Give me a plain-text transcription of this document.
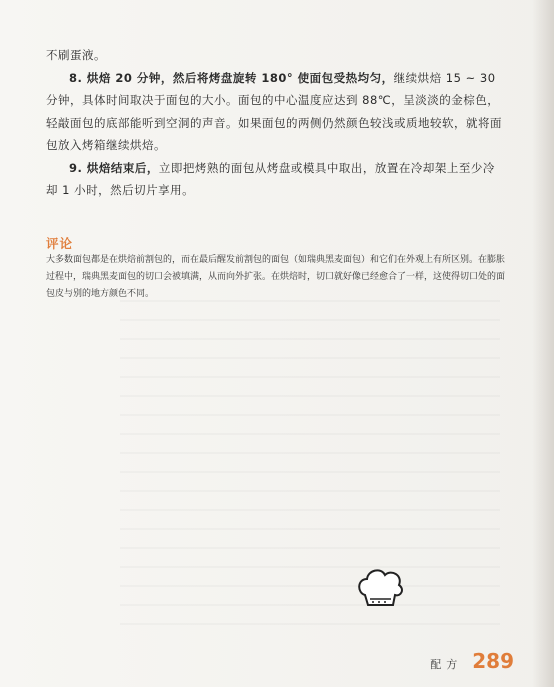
不刷蛋液。

8. 烘焙 20 分钟，然后将烤盘旋转 180° 使面包受热均匀，继续烘焙 15 ~ 30 分钟，具体时间取决于面包的大小。面包的中心温度应达到 88℃，呈淡淡的金棕色，轻敲面包的底部能听到空洞的声音。如果面包的两侧仍然颜色较浅或质地较软，就将面包放入烤箱继续烘焙。

9. 烘焙结束后，立即把烤熟的面包从烤盘或模具中取出，放置在冷却架上至少冷却 1 小时，然后切片享用。

评论
大多数面包都是在烘焙前割包的，而在最后醒发前割包的面包（如瑞典黑麦面包）和它们在外观上有所区别。在膨胀过程中，瑞典黑麦面包的切口会被填满，从而向外扩张。在烘焙时，切口就好像已经愈合了一样，这使得切口处的面包皮与别的地方颜色不同。
配方 289
